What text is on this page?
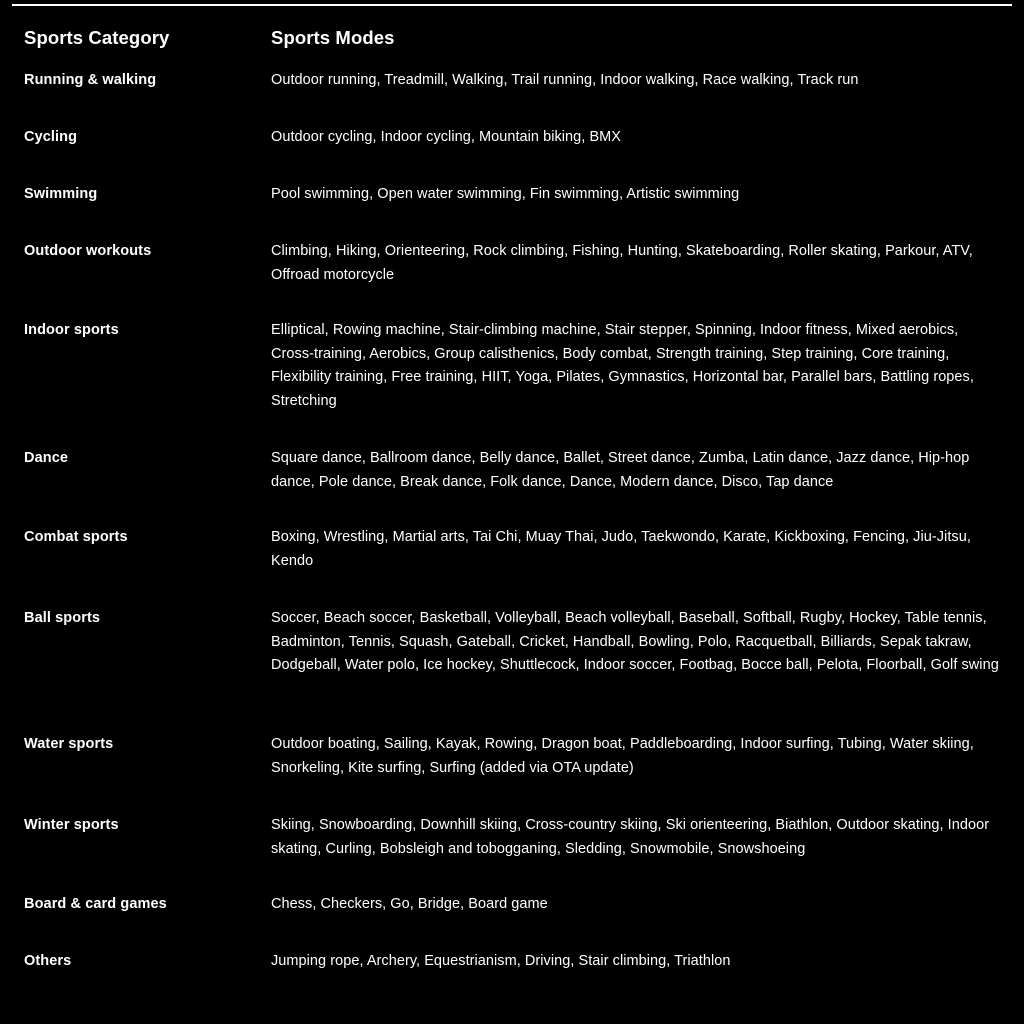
Sports Category	Sports Modes
Running & walking	Outdoor running, Treadmill, Walking, Trail running, Indoor walking, Race walking, Track run
Cycling	Outdoor cycling, Indoor cycling, Mountain biking, BMX
Swimming	Pool swimming, Open water swimming, Fin swimming, Artistic swimming
Outdoor workouts	Climbing, Hiking, Orienteering, Rock climbing, Fishing, Hunting, Skateboarding, Roller skating, Parkour, ATV, Offroad motorcycle
Indoor sports	Elliptical, Rowing machine, Stair-climbing machine, Stair stepper, Spinning, Indoor fitness, Mixed aerobics, Cross-training, Aerobics, Group calisthenics, Body combat, Strength training, Step training, Core training, Flexibility training, Free training, HIIT, Yoga, Pilates, Gymnastics, Horizontal bar, Parallel bars, Battling ropes, Stretching
Dance	Square dance, Ballroom dance, Belly dance, Ballet, Street dance, Zumba, Latin dance, Jazz dance, Hip-hop dance, Pole dance, Break dance, Folk dance, Dance, Modern dance, Disco, Tap dance
Combat sports	Boxing, Wrestling, Martial arts, Tai Chi, Muay Thai, Judo, Taekwondo, Karate, Kickboxing, Fencing, Jiu-Jitsu, Kendo
Ball sports	Soccer, Beach soccer, Basketball, Volleyball, Beach volleyball, Baseball, Softball, Rugby, Hockey, Table tennis, Badminton, Tennis, Squash, Gateball, Cricket, Handball, Bowling, Polo, Racquetball, Billiards, Sepak takraw, Dodgeball, Water polo, Ice hockey, Shuttlecock, Indoor soccer, Footbag, Bocce ball, Pelota, Floorball, Golf swing
Water sports	Outdoor boating, Sailing, Kayak, Rowing, Dragon boat, Paddleboarding, Indoor surfing, Tubing, Water skiing, Snorkeling, Kite surfing, Surfing (added via OTA update)
Winter sports	Skiing, Snowboarding, Downhill skiing, Cross-country skiing, Ski orienteering, Biathlon, Outdoor skating, Indoor skating, Curling, Bobsleigh and tobogganing, Sledding, Snowmobile, Snowshoeing
Board & card games	Chess, Checkers, Go, Bridge, Board game
Others	Jumping rope, Archery, Equestrianism, Driving, Stair climbing, Triathlon
